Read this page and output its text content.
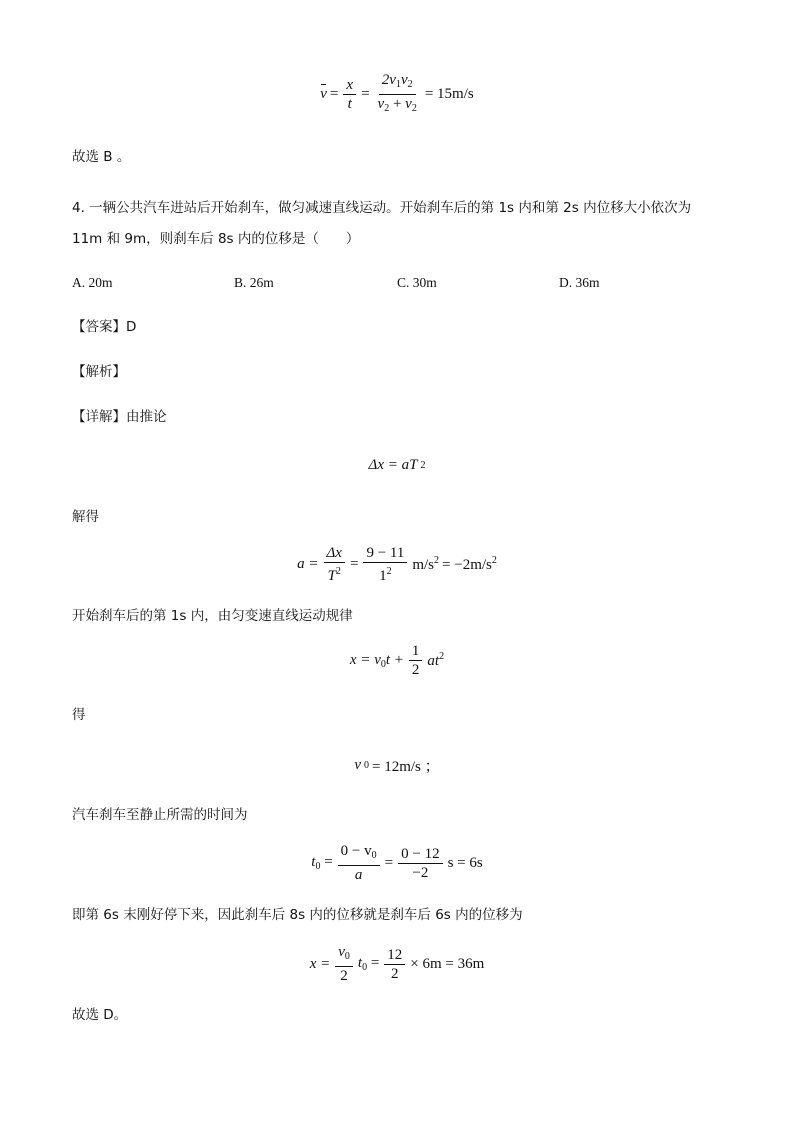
$v = \frac{x}{t} = \frac{2v_1v_2}{v_2 + v_2} = 15m/s$
故选 B 。
4. 一辆公共汽车进站后开始刹车，做匀减速直线运动。开始刹车后的第 1s 内和第 2s 内位移大小依次为
11m 和 9m，则刹车后 8s 内的位移是（　　）
A. 20m	B. 26m	C. 30m	D. 36m
【答案】D
【解析】
【详解】由推论
Δx = aT 2
解得
$a = \frac{\Delta x}{T^2} = \frac{9 - 11}{1^2} m/s^2 = -2m/s^2$
开始刹车后的第 1s 内，由匀变速直线运动规律
$x = v_0t + \frac{1}{2} at^2$
得
v 0 = 12m/s ；
汽车刹车至静止所需的时间为
$t_0 = \frac{0 - v_0}{a} = \frac{0 - 12}{-2}$ s = 6s
即第 6s 末刚好停下来，因此刹车后 8s 内的位移就是刹车后 6s 内的位移为
$x = \frac{v_0}{2} t_0 = \frac{12}{2} \times 6m = 36m$
故选 D。
